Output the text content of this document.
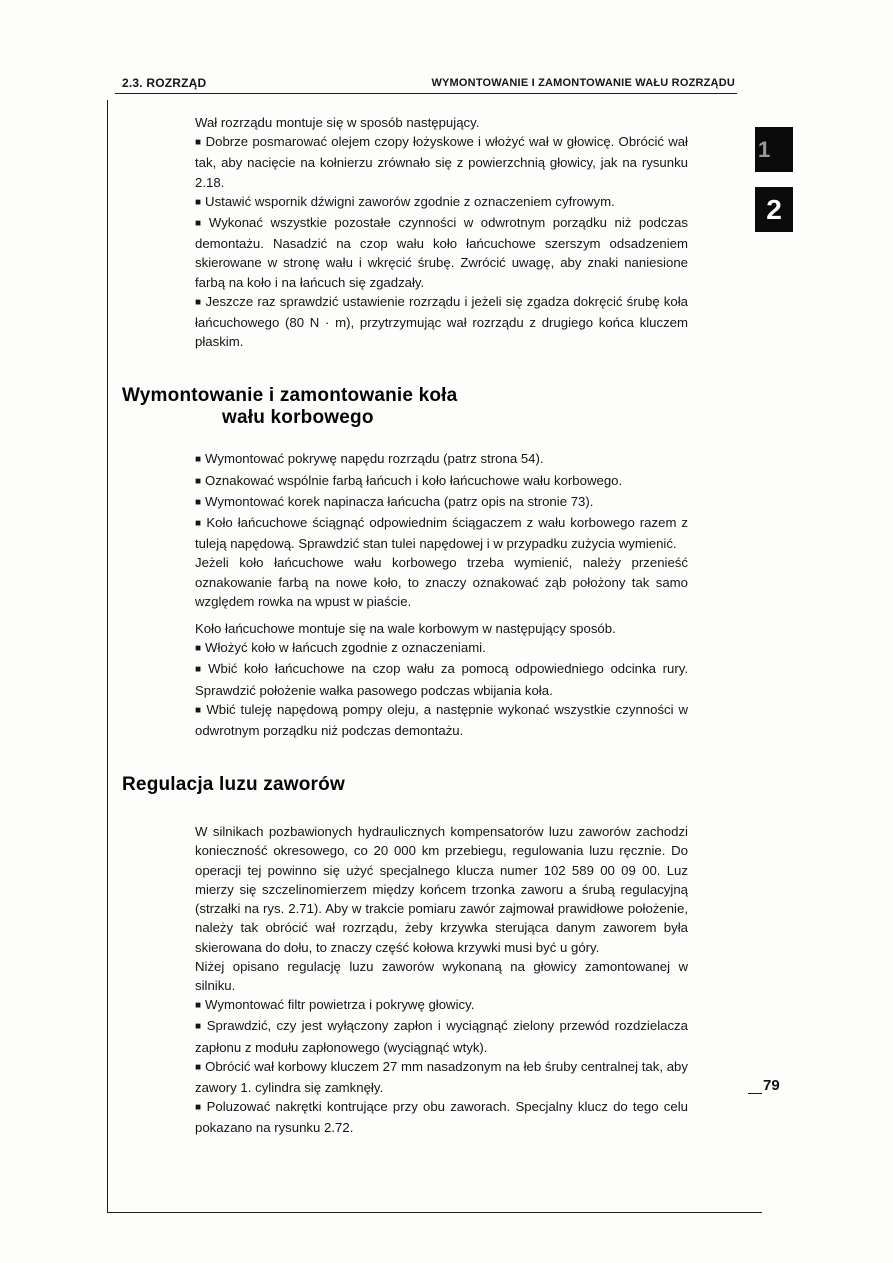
2.3. ROZRZĄD	WYMONTOWANIE I ZAMONTOWANIE WAŁU ROZRZĄDU
1
2
79

Wał rozrządu montuje się w sposób następujący.

■ Dobrze posmarować olejem czopy łożyskowe i włożyć wał w głowicę. Obrócić wał tak, aby nacięcie na kołnierzu zrównało się z powierzchnią głowicy, jak na rysunku 2.18.

■ Ustawić wspornik dźwigni zaworów zgodnie z oznaczeniem cyfrowym.

■ Wykonać wszystkie pozostałe czynności w odwrotnym porządku niż podczas demontażu. Nasadzić na czop wału koło łańcuchowe szerszym odsadzeniem skierowane w stronę wału i wkręcić śrubę. Zwrócić uwagę, aby znaki naniesione farbą na koło i na łańcuch się zgadzały.

■ Jeszcze raz sprawdzić ustawienie rozrządu i jeżeli się zgadza dokręcić śrubę koła łańcuchowego (80 N · m), przytrzymując wał rozrządu z drugiego końca kluczem płaskim.

Wymontowanie i zamontowanie koła
wału korbowego

■ Wymontować pokrywę napędu rozrządu (patrz strona 54).

■ Oznakować wspólnie farbą łańcuch i koło łańcuchowe wału korbowego.

■ Wymontować korek napinacza łańcucha (patrz opis na stronie 73).

■ Koło łańcuchowe ściągnąć odpowiednim ściągaczem z wału korbowego razem z tuleją napędową. Sprawdzić stan tulei napędowej i w przypadku zużycia wymienić.

Jeżeli koło łańcuchowe wału korbowego trzeba wymienić, należy przenieść oznakowanie farbą na nowe koło, to znaczy oznakować ząb położony tak samo względem rowka na wpust w piaście.

Koło łańcuchowe montuje się na wale korbowym w następujący sposób.

■ Włożyć koło w łańcuch zgodnie z oznaczeniami.

■ Wbić koło łańcuchowe na czop wału za pomocą odpowiedniego odcinka rury. Sprawdzić położenie wałka pasowego podczas wbijania koła.

■ Wbić tuleję napędową pompy oleju, a następnie wykonać wszystkie czynności w odwrotnym porządku niż podczas demontażu.

Regulacja luzu zaworów

W silnikach pozbawionych hydraulicznych kompensatorów luzu zaworów zachodzi konieczność okresowego, co 20 000 km przebiegu, regulowania luzu ręcznie. Do operacji tej powinno się użyć specjalnego klucza numer 102 589 00 09 00. Luz mierzy się szczelinomierzem między końcem trzonka zaworu a śrubą regulacyjną (strzałki na rys. 2.71). Aby w trakcie pomiaru zawór zajmował prawidłowe położenie, należy tak obrócić wał rozrządu, żeby krzywka sterująca danym zaworem była skierowana do dołu, to znaczy część kołowa krzywki musi być u góry.

Niżej opisano regulację luzu zaworów wykonaną na głowicy zamontowanej w silniku.

■ Wymontować filtr powietrza i pokrywę głowicy.

■ Sprawdzić, czy jest wyłączony zapłon i wyciągnąć zielony przewód rozdzielacza zapłonu z modułu zapłonowego (wyciągnąć wtyk).

■ Obrócić wał korbowy kluczem 27 mm nasadzonym na łeb śruby centralnej tak, aby zawory 1. cylindra się zamknęły.

■ Poluzować nakrętki kontrujące przy obu zaworach. Specjalny klucz do tego celu pokazano na rysunku 2.72.
